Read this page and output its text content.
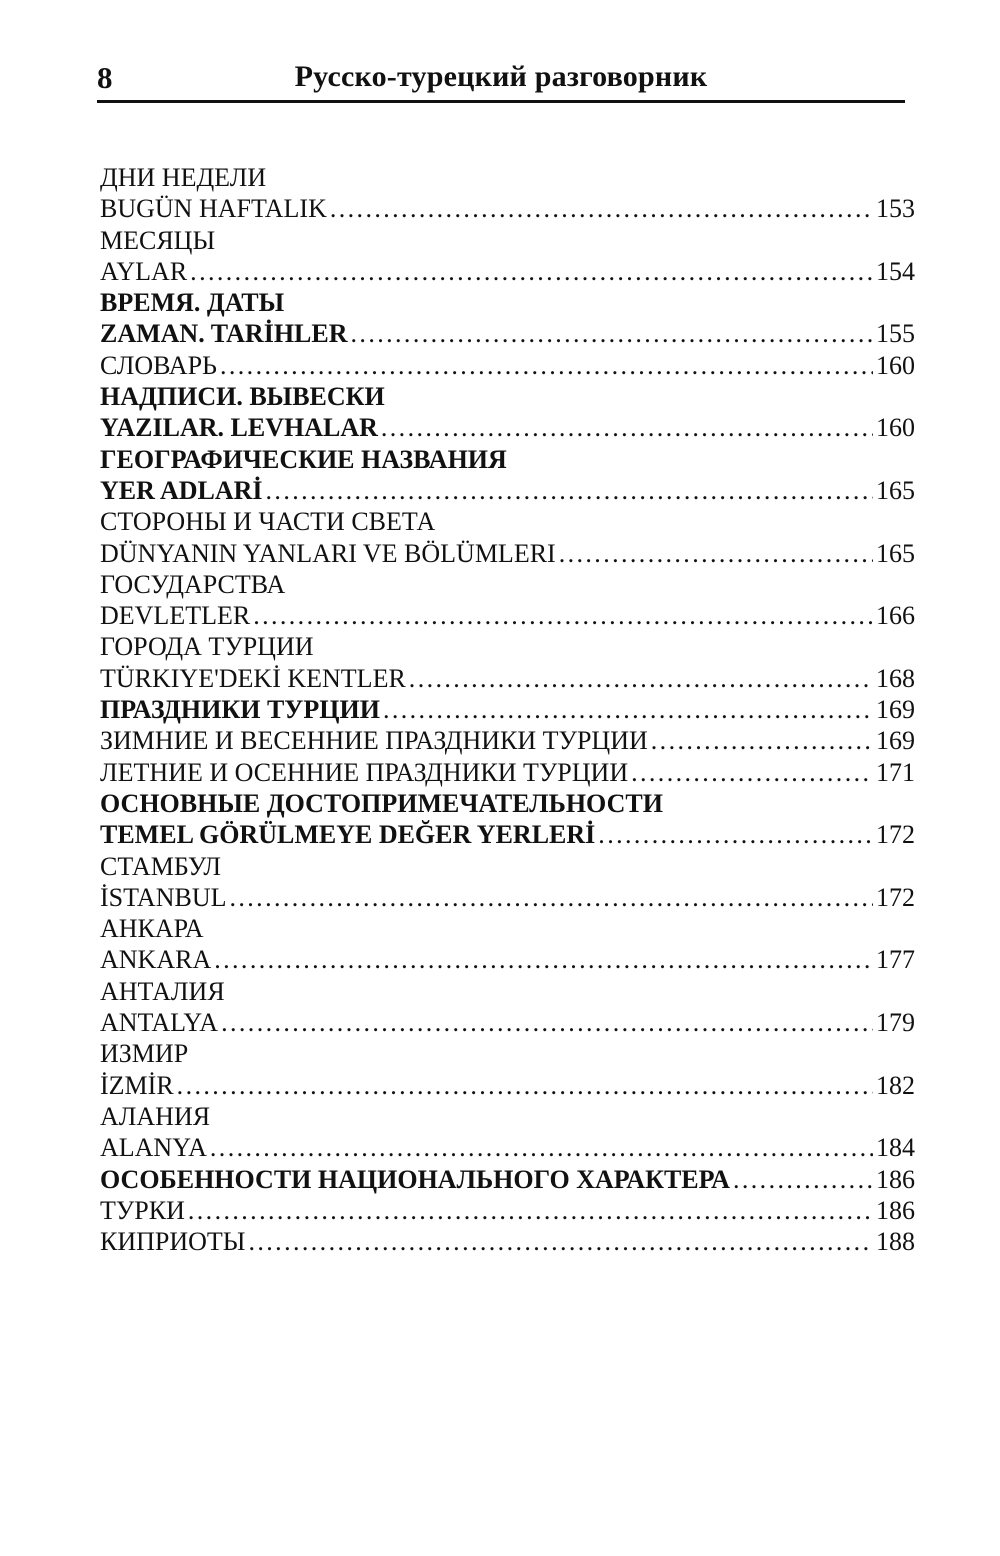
8	Русско-турецкий разговорник
ДНИ НЕДЕЛИ
BUGÜN HAFTALIK .....	153
МЕСЯЦЫ
AYLAR .....	154
ВРЕМЯ. ДАТЫ
ZAMAN. TARİHLER .....	155
СЛОВАРЬ .....	160
НАДПИСИ. ВЫВЕСКИ
YAZILAR. LEVHALAR .....	160
ГЕОГРАФИЧЕСКИЕ НАЗВАНИЯ
YER ADLARİ .....	165
СТОРОНЫ И ЧАСТИ СВЕТА
DÜNYANIN YANLARI VE BÖLÜMLERI .....	165
ГОСУДАРСТВА
DEVLETLER .....	166
ГОРОДА ТУРЦИИ
TÜRKIYE'DEKİ KENTLER .....	168
ПРАЗДНИКИ ТУРЦИИ .....	169
ЗИМНИЕ И ВЕСЕННИЕ ПРАЗДНИКИ ТУРЦИИ .....	169
ЛЕТНИЕ И ОСЕННИЕ ПРАЗДНИКИ ТУРЦИИ .....	171
ОСНОВНЫЕ ДОСТОПРИМЕЧАТЕЛЬНОСТИ
TEMEL GÖRÜLMEYE DEĞER YERLERİ .....	172
СТАМБУЛ
İSTANBUL .....	172
АНКАРА
ANKARA .....	177
АНТАЛИЯ
ANTALYA .....	179
ИЗМИР
İZMİR .....	182
АЛАНИЯ
ALANYA .....	184
ОСОБЕННОСТИ НАЦИОНАЛЬНОГО ХАРАКТЕРА .....	186
ТУРКИ .....	186
КИПРИОТЫ .....	188
